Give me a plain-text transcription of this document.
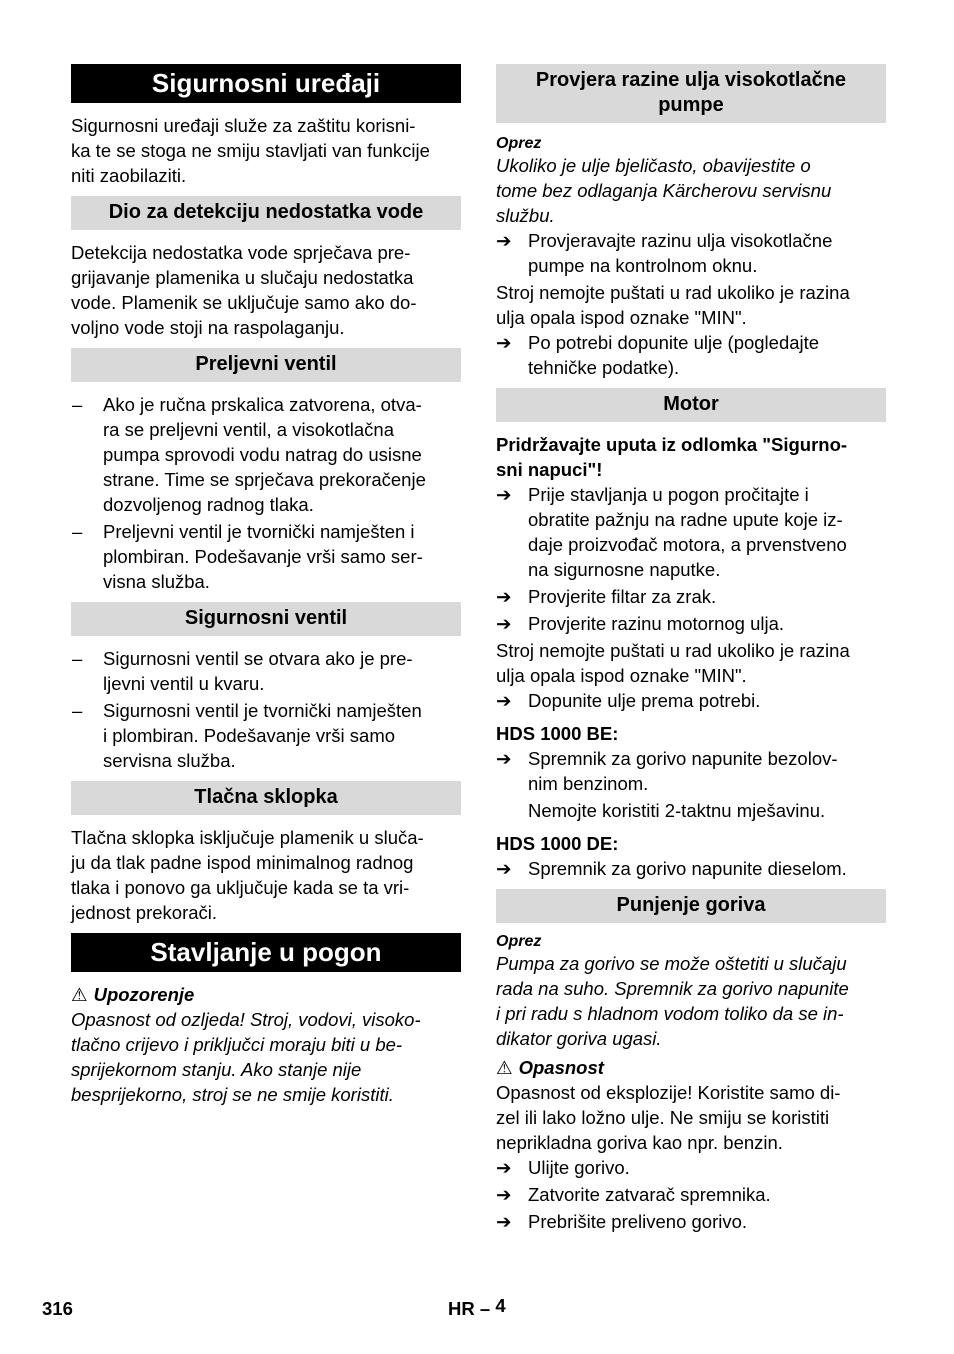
Sigurnosni uređaji

Sigurnosni uređaji služe za zaštitu korisni-
ka te se stoga ne smiju stavljati van funkcije
niti zaobilaziti.

Dio za detekciju nedostatka vode

Detekcija nedostatka vode sprječava pre-
grijavanje plamenika u slučaju nedostatka
vode. Plamenik se uključuje samo ako do-
voljno vode stoji na raspolaganju.

Preljevni ventil
– Ako je ručna prskalica zatvorena, otva-
ra se preljevni ventil, a visokotlačna
pumpa sprovodi vodu natrag do usisne
strane. Time se sprječava prekoračenje
dozvoljenog radnog tlaka.
– Preljevni ventil je tvornički namješten i
plombiran. Podešavanje vrši samo ser-
visna služba.
Sigurnosni ventil
– Sigurnosni ventil se otvara ako je pre-
ljevni ventil u kvaru.
– Sigurnosni ventil je tvornički namješten
i plombiran. Podešavanje vrši samo
servisna služba.
Tlačna sklopka

Tlačna sklopka isključuje plamenik u sluča-
ju da tlak padne ispod minimalnog radnog
tlaka i ponovo ga uključuje kada se ta vri-
jednost prekorači.

Stavljanje u pogon
⚠ Upozorenje

Opasnost od ozljeda! Stroj, vodovi, visoko-
tlačno crijevo i priključci moraju biti u be-
sprijekornom stanju. Ako stanje nije
besprijekorno, stroj se ne smije koristiti.

Provjera razine ulja visokotlačne pumpe
Oprez

Ukoliko je ulje bjeličasto, obavijestite o
tome bez odlaganja Kärcherovu servisnu
službu.

➔ Provjeravajte razinu ulja visokotlačne
pumpe na kontrolnom oknu.

Stroj nemojte puštati u rad ukoliko je razina
ulja opala ispod oznake "MIN".

➔ Po potrebi dopunite ulje (pogledajte
tehničke podatke).
Motor

Pridržavajte uputa iz odlomka "Sigurno-
sni napuci"!

➔ Prije stavljanja u pogon pročitajte i
obratite pažnju na radne upute koje iz-
daje proizvođač motora, a prvenstveno
na sigurnosne naputke.
➔ Provjerite filtar za zrak.
➔ Provjerite razinu motornog ulja.

Stroj nemojte puštati u rad ukoliko je razina
ulja opala ispod oznake "MIN".

➔ Dopunite ulje prema potrebi.

HDS 1000 BE:

➔ Spremnik za gorivo napunite bezolov-
nim benzinom.
Nemojte koristiti 2-taktnu mješavinu.

HDS 1000 DE:

➔ Spremnik za gorivo napunite dieselom.
Punjenje goriva
Oprez

Pumpa za gorivo se može oštetiti u slučaju
rada na suho. Spremnik za gorivo napunite
i pri radu s hladnom vodom toliko da se in-
dikator goriva ugasi.

⚠ Opasnost

Opasnost od eksplozije! Koristite samo di-
zel ili lako ložno ulje. Ne smiju se koristiti
neprikladna goriva kao npr. benzin.

➔ Ulijte gorivo.
➔ Zatvorite zatvarač spremnika.
➔ Prebrišite preliveno gorivo.
316	HR – 4
